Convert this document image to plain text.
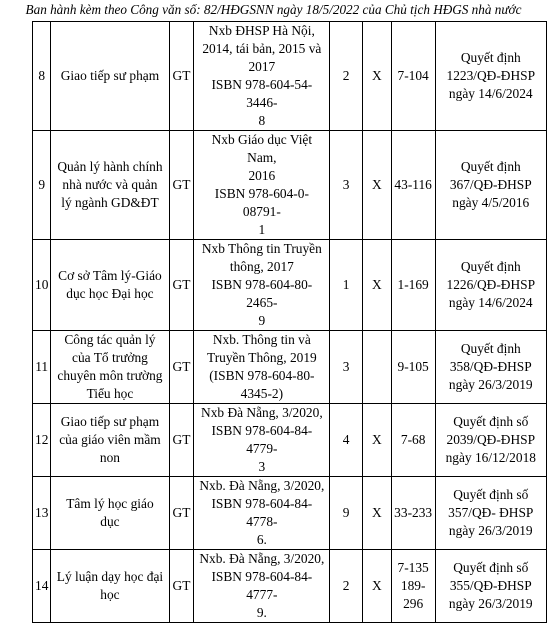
Ban hành kèm theo Công văn số: 82/HĐGSNN ngày 18/5/2022 của Chủ tịch HĐGS nhà nước
8	Giao tiếp sư phạm	GT	Nxb ĐHSP Hà Nội,
2014, tái bản, 2015 và
2017
ISBN 978-604-54-3446-
8	2	X	7-104	Quyết định
1223/QĐ-ĐHSP
ngày 14/6/2024

9	Quản lý hành chính
nhà nước và quản
lý ngành GD&ĐT	GT	Nxb Giáo dục Việt Nam,
2016
ISBN 978-604-0-08791-
1	3	X	43-116	Quyết định
367/QĐ-ĐHSP
ngày 4/5/2016

10	Cơ sở Tâm lý-Giáo
dục học Đại học	GT	Nxb Thông tin Truyền
thông, 2017
ISBN 978-604-80-2465-
9	1	X	1-169	Quyết định
1226/QĐ-ĐHSP
ngày 14/6/2024

11	Công tác quản lý
của Tổ trưởng
chuyên môn trường
Tiểu học	GT	Nxb. Thông tin và
Truyền Thông, 2019
(ISBN 978-604-80-
4345-2)	3		9-105	Quyết định
358/QĐ-ĐHSP
ngày 26/3/2019

12	Giao tiếp sư phạm
của giáo viên mầm
non	GT	Nxb Đà Nẵng, 3/2020,
ISBN 978-604-84-4779-
3	4	X	7-68	Quyết định số
2039/QĐ-ĐHSP
ngày 16/12/2018

13	Tâm lý học giáo
dục	GT	Nxb. Đà Nẵng, 3/2020,
ISBN 978-604-84-4778-
6.	9	X	33-233	Quyết định số
357/QĐ- ĐHSP
ngày 26/3/2019

14	Lý luận dạy học đại
học	GT	Nxb. Đà Nẵng, 3/2020,
ISBN 978-604-84-4777-
9.	2	X	7-135
189-296	Quyết định số
355/QĐ-ĐHSP
ngày 26/3/2019
